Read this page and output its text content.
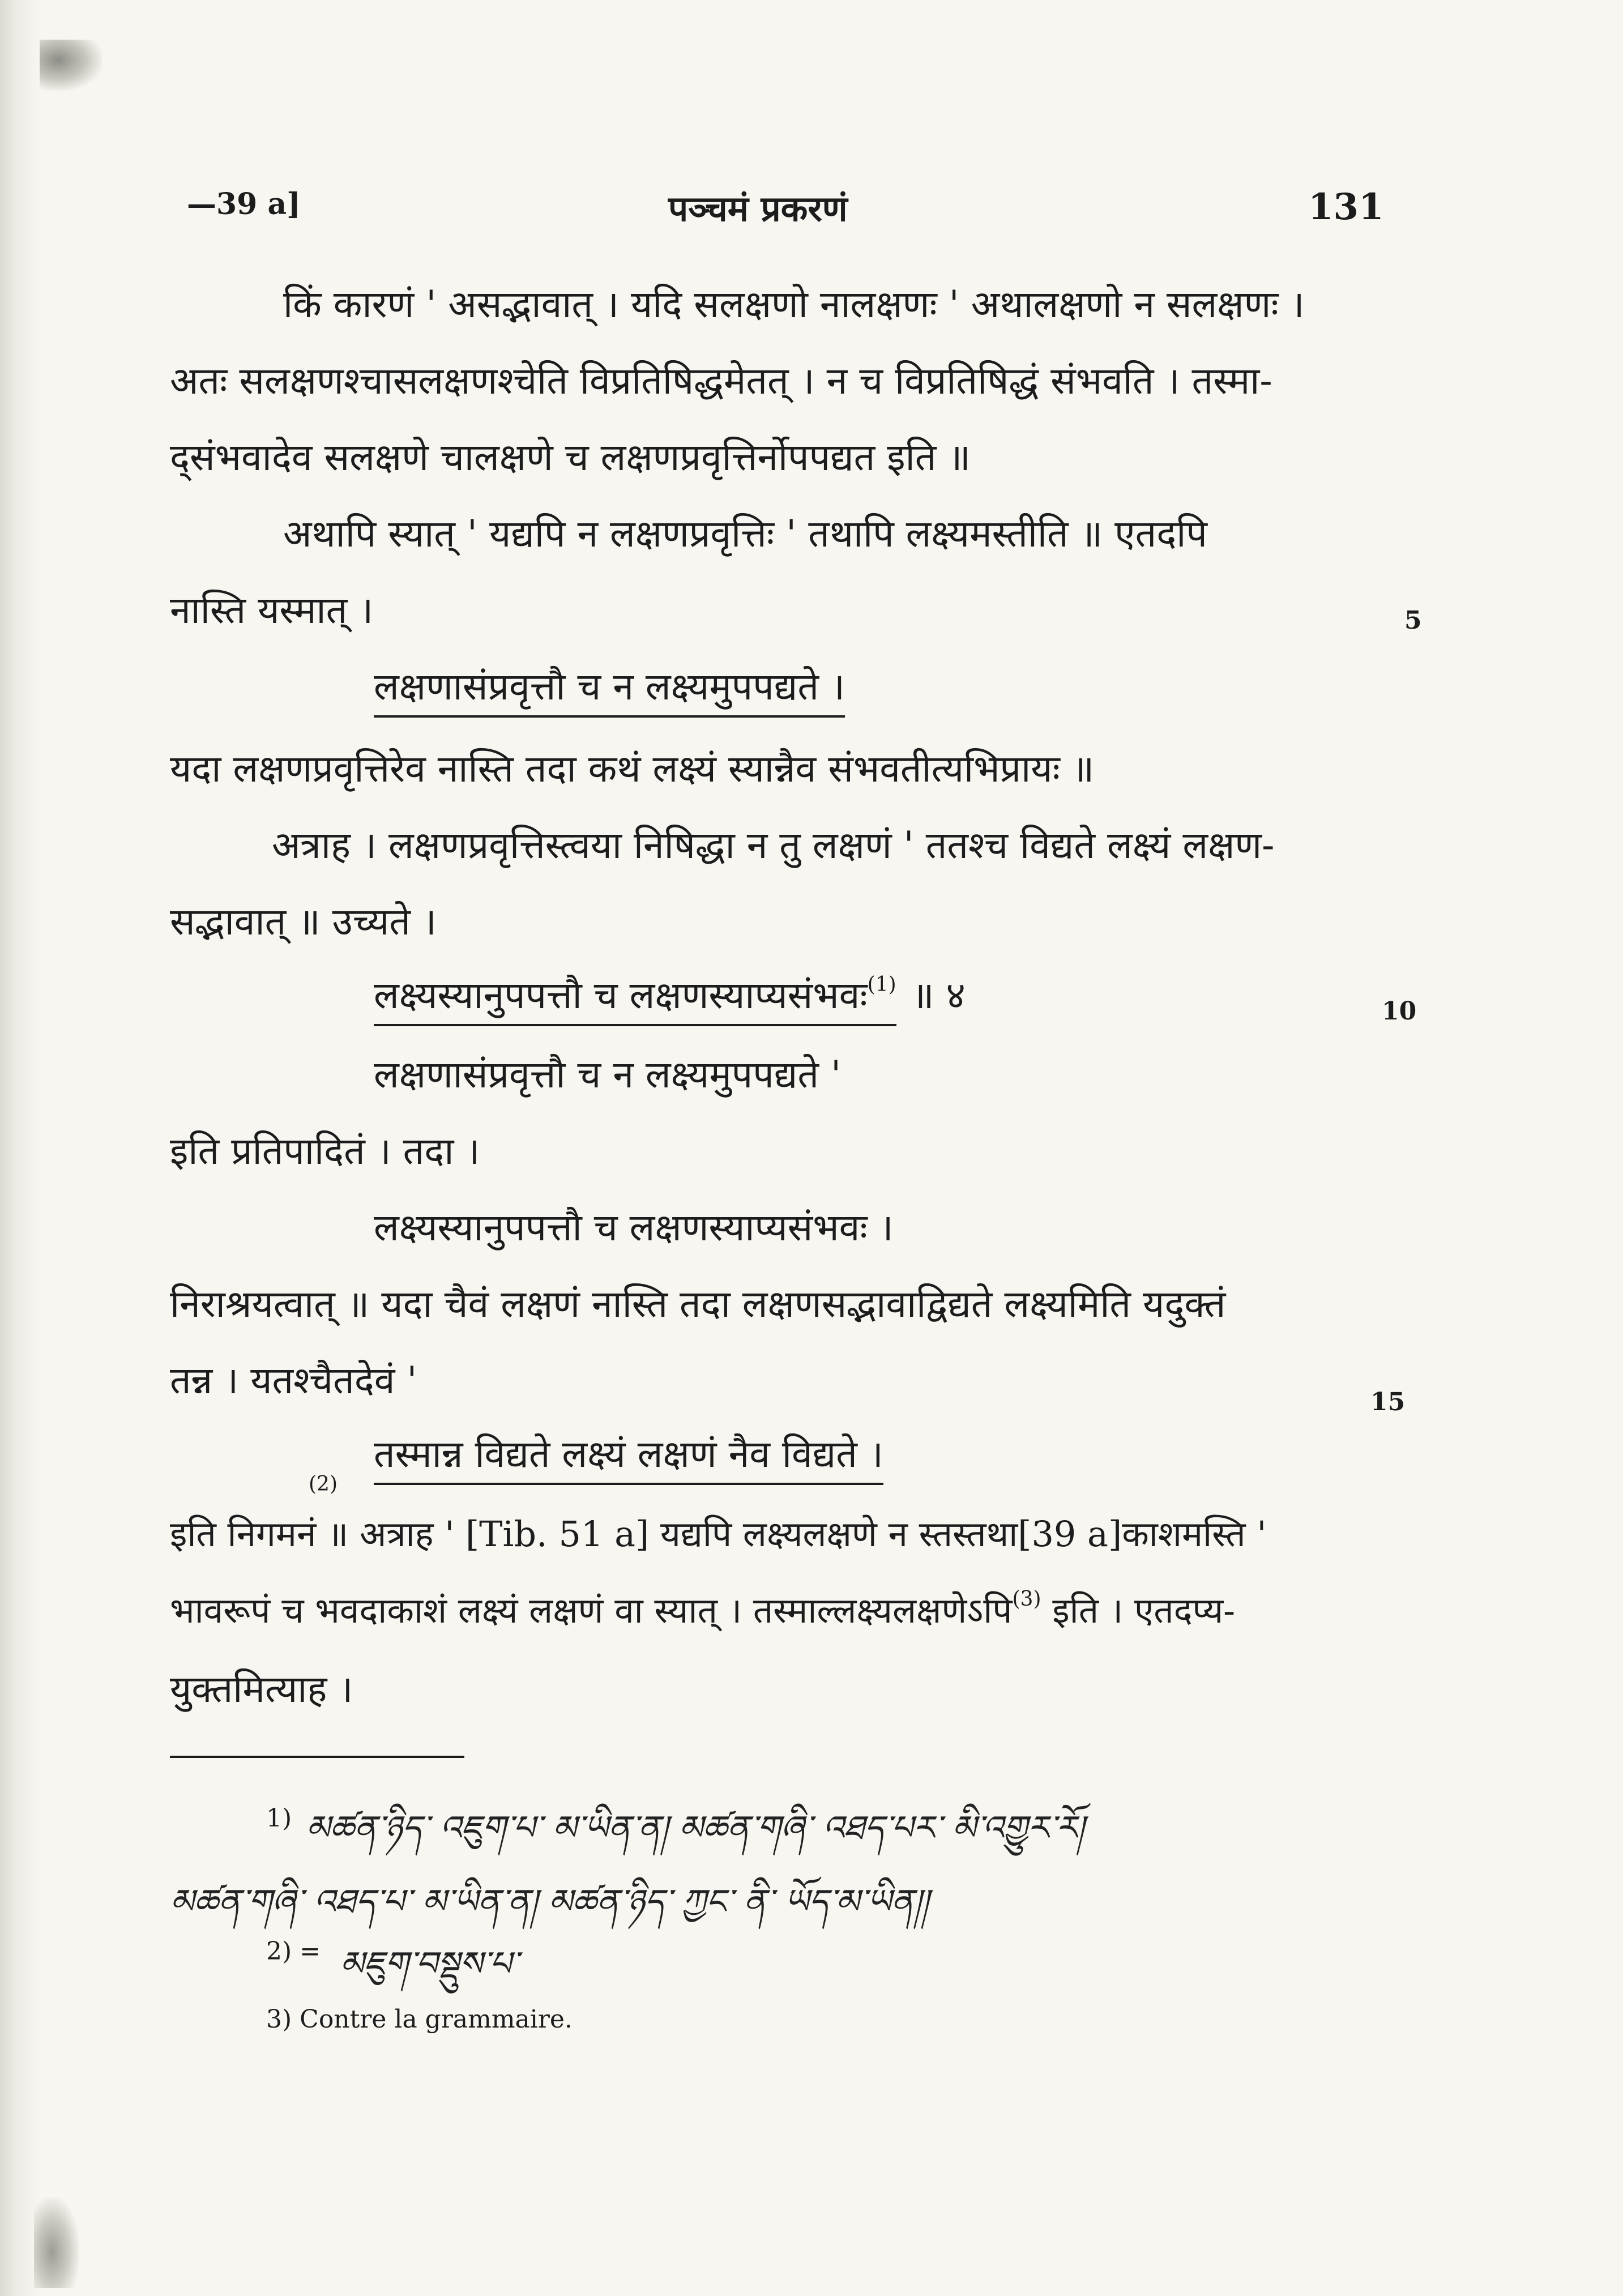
—39 a]	पञ्चमं प्रकरणं	131
किं कारणं ' असद्भावात् । यदि सलक्षणो नालक्षणः ' अथालक्षणो न सलक्षणः ।
अतः सलक्षणश्चासलक्षणश्चेति विप्रतिषिद्धमेतत् । न च विप्रतिषिद्धं संभवति । तस्मा-
द्संभवादेव सलक्षणे चालक्षणे च लक्षणप्रवृत्तिर्नोपपद्यत इति ॥
अथापि स्यात् ' यद्यपि न लक्षणप्रवृत्तिः ' तथापि लक्ष्यमस्तीति ॥ एतदपि
नास्ति यस्मात् ।	5
लक्षणासंप्रवृत्तौ च न लक्ष्यमुपपद्यते ।
यदा लक्षणप्रवृत्तिरेव नास्ति तदा कथं लक्ष्यं स्यान्नैव संभवतीत्यभिप्रायः ॥
अत्राह । लक्षणप्रवृत्तिस्त्वया निषिद्धा न तु लक्षणं ' ततश्च विद्यते लक्ष्यं लक्षण-
सद्भावात् ॥ उच्यते ।
लक्ष्यस्यानुपपत्तौ च लक्षणस्याप्यसंभवः$^{(1)}$ ॥ ४	10
लक्षणासंप्रवृत्तौ च न लक्ष्यमुपपद्यते '
इति प्रतिपादितं । तदा ।
लक्ष्यस्यानुपपत्तौ च लक्षणस्याप्यसंभवः ।
निराश्रयत्वात् ॥ यदा चैवं लक्षणं नास्ति तदा लक्षणसद्भावाद्विद्यते लक्ष्यमिति यदुक्तं
तन्न । यतश्चैतदेवं '	15
तस्मान्न विद्यते लक्ष्यं लक्षणं नैव विद्यते ।
(2)
इति निगमनं ॥ अत्राह ' [Tib. 51 a] यद्यपि लक्ष्यलक्षणे न स्तस्तथा[39 a]काशमस्ति '
भावरूपं च भवदाकाशं लक्ष्यं लक्षणं वा स्यात् । तस्माल्लक्ष्यलक्षणेऽपि$^{(3)}$ इति । एतदप्य-
युक्तमित्याह ।
1) མཚན་ཉིད་ འཇུག་པ་ མ་ཡིན་ན། མཚན་གཞི་ འཐད་པར་ མི་འགྱུར་རོ།
མཚན་གཞི་ འཐད་པ་ མ་ཡིན་ན། མཚན་ཉིད་ ཀྱང་ ནི་ ཡོད་མ་ཡིན།།
2) = མཇུག་བསྡུས་པ་
3) Contre la grammaire.
